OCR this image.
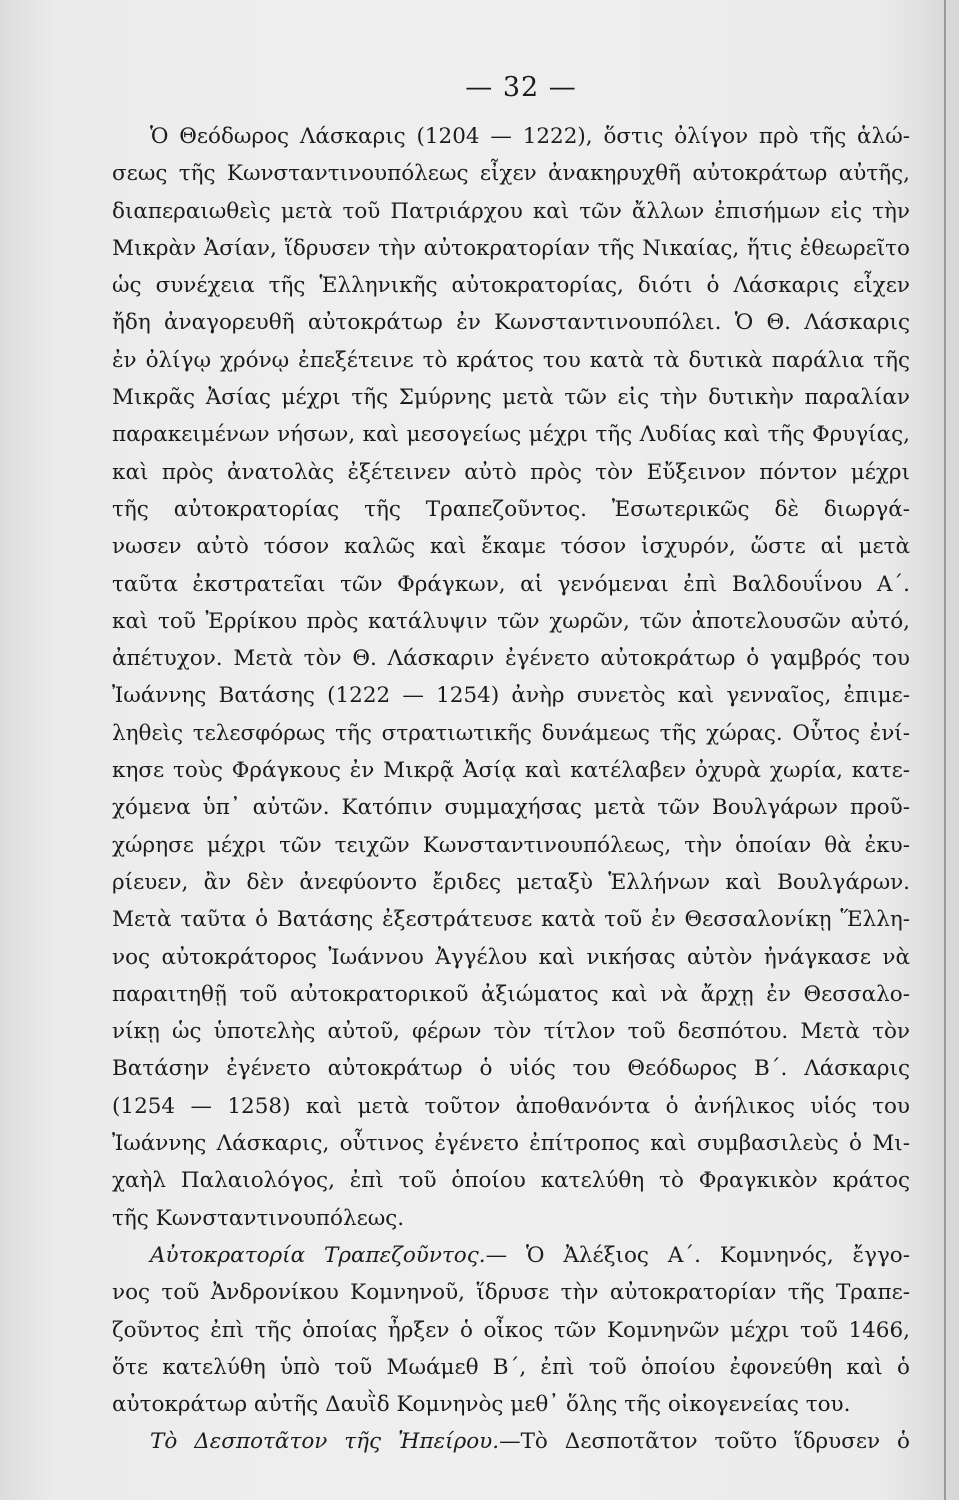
— 32 —
Ὁ Θεόδωρος Λάσκαρις (1204 — 1222), ὅστις ὀλίγον πρὸ τῆς ἁλώ-
σεως τῆς Κωνσταντινουπόλεως εἶχεν ἀνακηρυχθῆ αὐτοκράτωρ αὐτῆς,
διαπεραιωθεὶς μετὰ τοῦ Πατριάρχου καὶ τῶν ἄλλων ἐπισήμων εἰς τὴν
Μικρὰν Ἀσίαν, ἵδρυσεν τὴν αὐτοκρατορίαν τῆς Νικαίας, ἥτις ἐθεωρεῖτο
ὡς συνέχεια τῆς Ἑλληνικῆς αὐτοκρατορίας, διότι ὁ Λάσκαρις εἶχεν
ἤδη ἀναγορευθῆ αὐτοκράτωρ ἐν Κωνσταντινουπόλει. Ὁ Θ. Λάσκαρις
ἐν ὀλίγῳ χρόνῳ ἐπεξέτεινε τὸ κράτος του κατὰ τὰ δυτικὰ παράλια τῆς
Μικρᾶς Ἀσίας μέχρι τῆς Σμύρνης μετὰ τῶν εἰς τὴν δυτικὴν παραλίαν
παρακειμένων νήσων, καὶ μεσογείως μέχρι τῆς Λυδίας καὶ τῆς Φρυγίας,
καὶ πρὸς ἀνατολὰς ἐξέτεινεν αὐτὸ πρὸς τὸν Εὔξεινον πόντον μέχρι
τῆς αὐτοκρατορίας τῆς Τραπεζοῦντος. Ἐσωτερικῶς δὲ διωργά-
νωσεν αὐτὸ τόσον καλῶς καὶ ἔκαμε τόσον ἰσχυρόν, ὥστε αἱ μετὰ
ταῦτα ἐκστρατεῖαι τῶν Φράγκων, αἱ γενόμεναι ἐπὶ Βαλδουΐνου Α΄.
καὶ τοῦ Ἐρρίκου πρὸς κατάλυψιν τῶν χωρῶν, τῶν ἀποτελουσῶν αὐτό,
ἀπέτυχον. Μετὰ τὸν Θ. Λάσκαριν ἐγένετο αὐτοκράτωρ ὁ γαμβρός του
Ἰωάννης Βατάσης (1222 — 1254) ἀνὴρ συνετὸς καὶ γενναῖος, ἐπιμε-
ληθεὶς τελεσφόρως τῆς στρατιωτικῆς δυνάμεως τῆς χώρας. Οὗτος ἐνί-
κησε τοὺς Φράγκους ἐν Μικρᾷ Ἀσίᾳ καὶ κατέλαβεν ὀχυρὰ χωρία, κατε-
χόμενα ὑπ᾽ αὐτῶν. Κατόπιν συμμαχήσας μετὰ τῶν Βουλγάρων προῦ-
χώρησε μέχρι τῶν τειχῶν Κωνσταντινουπόλεως, τὴν ὁποίαν θὰ ἐκυ-
ρίευεν, ἂν δὲν ἀνεφύοντο ἔριδες μεταξὺ Ἑλλήνων καὶ Βουλγάρων.
Μετὰ ταῦτα ὁ Βατάσης ἐξεστράτευσε κατὰ τοῦ ἐν Θεσσαλονίκῃ Ἕλλη-
νος αὐτοκράτορος Ἰωάννου Ἀγγέλου καὶ νικήσας αὐτὸν ἠνάγκασε νὰ
παραιτηθῇ τοῦ αὐτοκρατορικοῦ ἀξιώματος καὶ νὰ ἄρχῃ ἐν Θεσσαλο-
νίκῃ ὡς ὑποτελὴς αὐτοῦ, φέρων τὸν τίτλον τοῦ δεσπότου. Μετὰ τὸν
Βατάσην ἐγένετο αὐτοκράτωρ ὁ υἱός του Θεόδωρος Β΄. Λάσκαρις
(1254 — 1258) καὶ μετὰ τοῦτον ἀποθανόντα ὁ ἀνήλικος υἱός του
Ἰωάννης Λάσκαρις, οὗτινος ἐγένετο ἐπίτροπος καὶ συμβασιλεὺς ὁ Μι-
χαὴλ Παλαιολόγος, ἐπὶ τοῦ ὁποίου κατελύθη τὸ Φραγκικὸν κράτος
τῆς Κωνσταντινουπόλεως.
Αὐτοκρατορία Τραπεζοῦντος.— Ὁ Ἀλέξιος Α΄. Κομνηνός, ἔγγο-
νος τοῦ Ἀνδρονίκου Κομνηνοῦ, ἵδρυσε τὴν αὐτοκρατορίαν τῆς Τραπε-
ζοῦντος ἐπὶ τῆς ὁποίας ἦρξεν ὁ οἶκος τῶν Κομνηνῶν μέχρι τοῦ 1466,
ὅτε κατελύθη ὑπὸ τοῦ Μωάμεθ Β΄, ἐπὶ τοῦ ὁποίου ἐφονεύθη καὶ ὁ
αὐτοκράτωρ αὐτῆς Δαυῒδ Κομνηνὸς μεθ᾽ ὅλης τῆς οἰκογενείας του.
Τὸ Δεσποτᾶτον τῆς Ἠπείρου.—Τὸ Δεσποτᾶτον τοῦτο ἵδρυσεν ὁ
